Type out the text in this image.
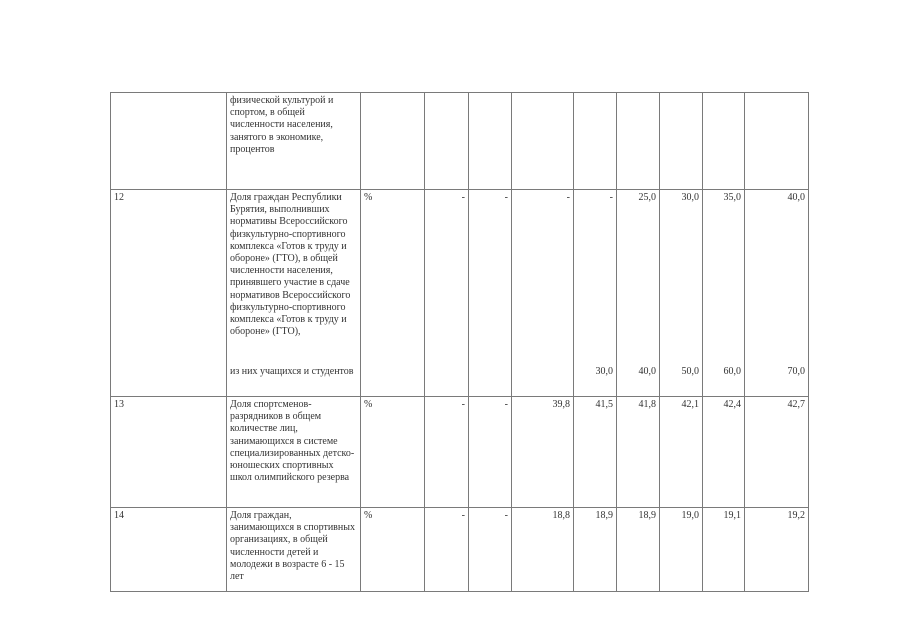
	физической культурой и спортом, в общей численности населения, занятого в экономике, процентов									
12	Доля граждан Республики Бурятия, выполнивших нормативы Всероссийского физкультурно-спортивного комплекса «Готов к труду и обороне» (ГТО), в общей численности населения, принявшего участие в сдаче нормативов Всероссийского физкультурно-спортивного комплекса «Готов к труду и обороне» (ГТО),	%	-	-	-	-	25,0	30,0	35,0	40,0
	из них учащихся и студентов					30,0	40,0	50,0	60,0	70,0
13	Доля спортсменов-разрядников в общем количестве лиц, занимающихся в системе специализированных детско-юношеских спортивных школ олимпийского резерва	%	-	-	39,8	41,5	41,8	42,1	42,4	42,7
14	Доля граждан, занимающихся в спортивных организациях, в общей численности детей и молодежи в возрасте 6 - 15 лет	%	-	-	18,8	18,9	18,9	19,0	19,1	19,2
